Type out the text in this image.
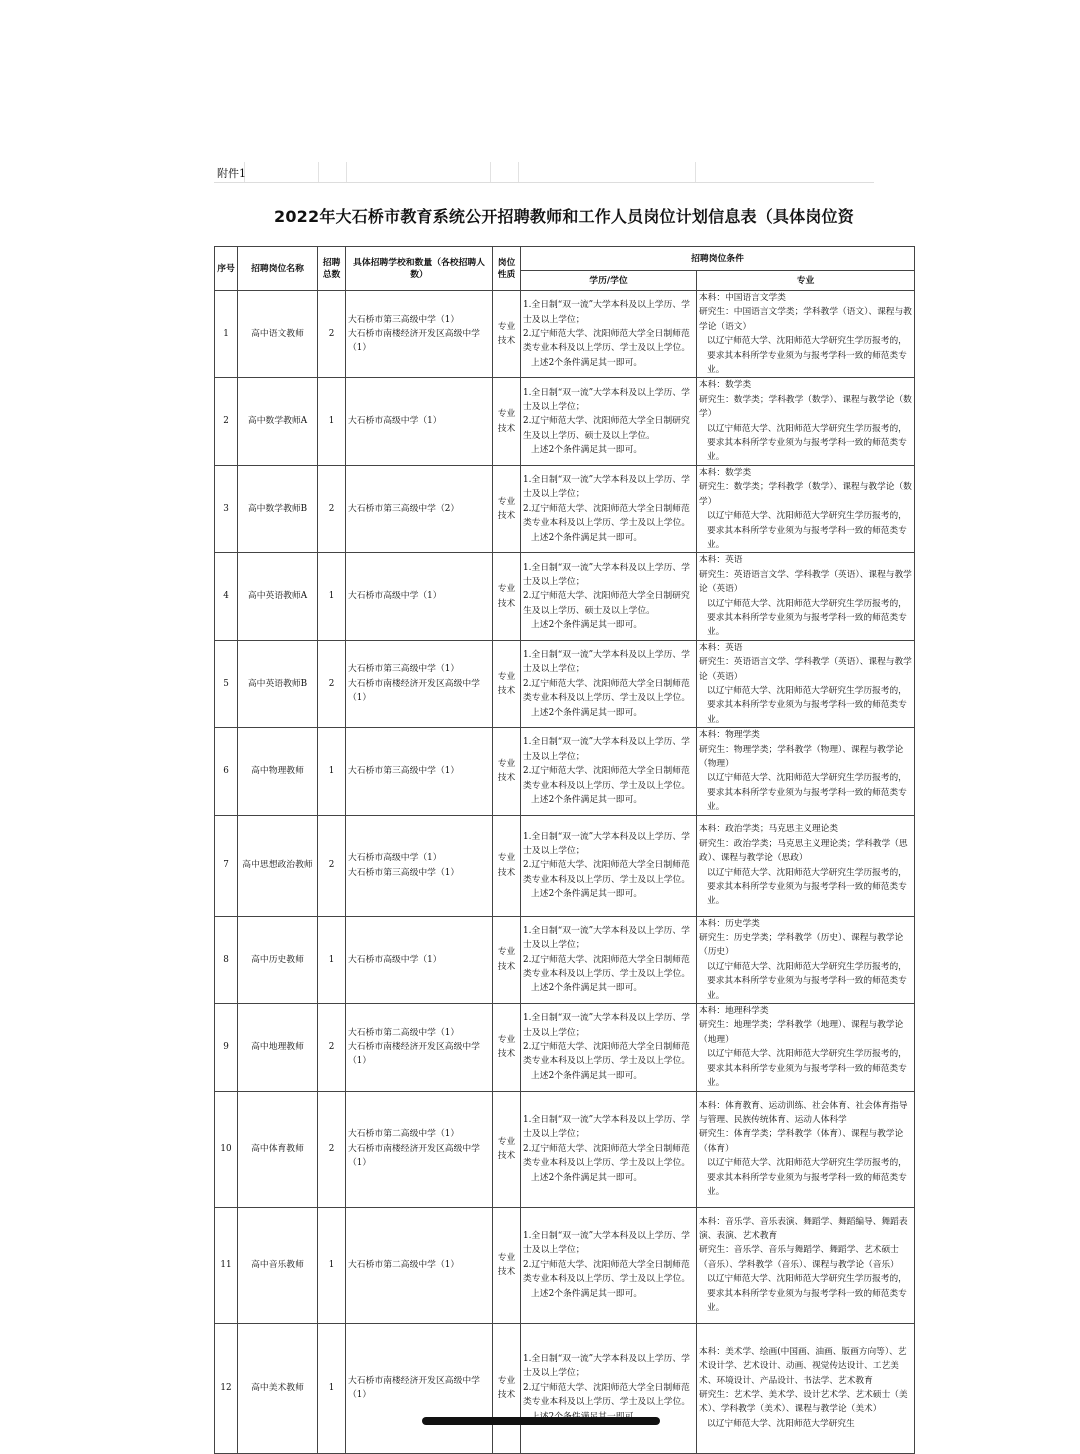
附件1
2022年大石桥市教育系统公开招聘教师和工作人员岗位计划信息表（具体岗位资
序号	招聘岗位名称	招聘总数	具体招聘学校和数量（各校招聘人数）	岗位性质	招聘岗位条件	
					学历/学位	专业
1	高中语文教师	2	大石桥市第三高级中学（1）
大石桥市南楼经济开发区高级中学（1）	专业技术	1.全日制“双一流”大学本科及以上学历、学士及以上学位；
2.辽宁师范大学、沈阳师范大学全日制师范类专业本科及以上学历、学士及以上学位。
上述2个条件满足其一即可。	本科：中国语言文学类
研究生：中国语言文学类；学科教学（语文）、课程与教学论（语文）
以辽宁师范大学、沈阳师范大学研究生学历报考的，要求其本科所学专业须为与报考学科一致的师范类专业。

2	高中数学教师A	1	大石桥市高级中学（1）	专业技术	1.全日制“双一流”大学本科及以上学历、学士及以上学位；
2.辽宁师范大学、沈阳师范大学全日制研究生及以上学历、硕士及以上学位。
上述2个条件满足其一即可。	本科：数学类
研究生：数学类；学科教学（数学）、课程与教学论（数学）
以辽宁师范大学、沈阳师范大学研究生学历报考的，要求其本科所学专业须为与报考学科一致的师范类专业。

3	高中数学教师B	2	大石桥市第三高级中学（2）	专业技术	1.全日制“双一流”大学本科及以上学历、学士及以上学位；
2.辽宁师范大学、沈阳师范大学全日制师范类专业本科及以上学历、学士及以上学位。
上述2个条件满足其一即可。	本科：数学类
研究生：数学类；学科教学（数学）、课程与教学论（数学）
以辽宁师范大学、沈阳师范大学研究生学历报考的，要求其本科所学专业须为与报考学科一致的师范类专业。

4	高中英语教师A	1	大石桥市高级中学（1）	专业技术	1.全日制“双一流”大学本科及以上学历、学士及以上学位；
2.辽宁师范大学、沈阳师范大学全日制研究生及以上学历、硕士及以上学位。
上述2个条件满足其一即可。	本科：英语
研究生：英语语言文学、学科教学（英语）、课程与教学论（英语）
以辽宁师范大学、沈阳师范大学研究生学历报考的，要求其本科所学专业须为与报考学科一致的师范类专业。

5	高中英语教师B	2	大石桥市第三高级中学（1）
大石桥市南楼经济开发区高级中学（1）	专业技术	1.全日制“双一流”大学本科及以上学历、学士及以上学位；
2.辽宁师范大学、沈阳师范大学全日制师范类专业本科及以上学历、学士及以上学位。
上述2个条件满足其一即可。	本科：英语
研究生：英语语言文学、学科教学（英语）、课程与教学论（英语）
以辽宁师范大学、沈阳师范大学研究生学历报考的，要求其本科所学专业须为与报考学科一致的师范类专业。

6	高中物理教师	1	大石桥市第三高级中学（1）	专业技术	1.全日制“双一流”大学本科及以上学历、学士及以上学位；
2.辽宁师范大学、沈阳师范大学全日制师范类专业本科及以上学历、学士及以上学位。
上述2个条件满足其一即可。	本科：物理学类
研究生：物理学类；学科教学（物理）、课程与教学论（物理）
以辽宁师范大学、沈阳师范大学研究生学历报考的，要求其本科所学专业须为与报考学科一致的师范类专业。

7	高中思想政治教师	2	大石桥市高级中学（1）
大石桥市第三高级中学（1）	专业技术	1.全日制“双一流”大学本科及以上学历、学士及以上学位；
2.辽宁师范大学、沈阳师范大学全日制师范类专业本科及以上学历、学士及以上学位。
上述2个条件满足其一即可。	本科：政治学类；马克思主义理论类
研究生：政治学类；马克思主义理论类；学科教学（思政）、课程与教学论（思政）
以辽宁师范大学、沈阳师范大学研究生学历报考的，要求其本科所学专业须为与报考学科一致的师范类专业。

8	高中历史教师	1	大石桥市高级中学（1）	专业技术	1.全日制“双一流”大学本科及以上学历、学士及以上学位；
2.辽宁师范大学、沈阳师范大学全日制师范类专业本科及以上学历、学士及以上学位。
上述2个条件满足其一即可。	本科：历史学类
研究生：历史学类；学科教学（历史）、课程与教学论（历史）
以辽宁师范大学、沈阳师范大学研究生学历报考的，要求其本科所学专业须为与报考学科一致的师范类专业。

9	高中地理教师	2	大石桥市第二高级中学（1）
大石桥市南楼经济开发区高级中学（1）	专业技术	1.全日制“双一流”大学本科及以上学历、学士及以上学位；
2.辽宁师范大学、沈阳师范大学全日制师范类专业本科及以上学历、学士及以上学位。
上述2个条件满足其一即可。	本科：地理科学类
研究生：地理学类；学科教学（地理）、课程与教学论（地理）
以辽宁师范大学、沈阳师范大学研究生学历报考的，要求其本科所学专业须为与报考学科一致的师范类专业。

10	高中体育教师	2	大石桥市第二高级中学（1）
大石桥市南楼经济开发区高级中学（1）	专业技术	1.全日制“双一流”大学本科及以上学历、学士及以上学位；
2.辽宁师范大学、沈阳师范大学全日制师范类专业本科及以上学历、学士及以上学位。
上述2个条件满足其一即可。	本科：体育教育、运动训练、社会体育、社会体育指导与管理、民族传统体育、运动人体科学
研究生：体育学类；学科教学（体育）、课程与教学论（体育）
以辽宁师范大学、沈阳师范大学研究生学历报考的，要求其本科所学专业须为与报考学科一致的师范类专业。

11	高中音乐教师	1	大石桥市第二高级中学（1）	专业技术	1.全日制“双一流”大学本科及以上学历、学士及以上学位；
2.辽宁师范大学、沈阳师范大学全日制师范类专业本科及以上学历、学士及以上学位。
上述2个条件满足其一即可。	本科：音乐学、音乐表演、舞蹈学、舞蹈编导、舞蹈表演、表演、艺术教育
研究生：音乐学、音乐与舞蹈学、舞蹈学、艺术硕士（音乐）、学科教学（音乐）、课程与教学论（音乐）
以辽宁师范大学、沈阳师范大学研究生学历报考的，要求其本科所学专业须为与报考学科一致的师范类专业。

12	高中美术教师	1	大石桥市南楼经济开发区高级中学（1）	专业技术	1.全日制“双一流”大学本科及以上学历、学士及以上学位；
2.辽宁师范大学、沈阳师范大学全日制师范类专业本科及以上学历、学士及以上学位。	本科：美术学、绘画(中国画、油画、版画方向等）、艺术设计学、艺术设计、动画、视觉传达设计、工艺美术、环境设计、产品设计、书法学、艺术教育
研究生：艺术学、美术学、设计艺术学、艺术硕士（美术）、学科教学（美术）、课程与教学论（美术）
以辽宁师范大学、沈阳师范大学研究生
